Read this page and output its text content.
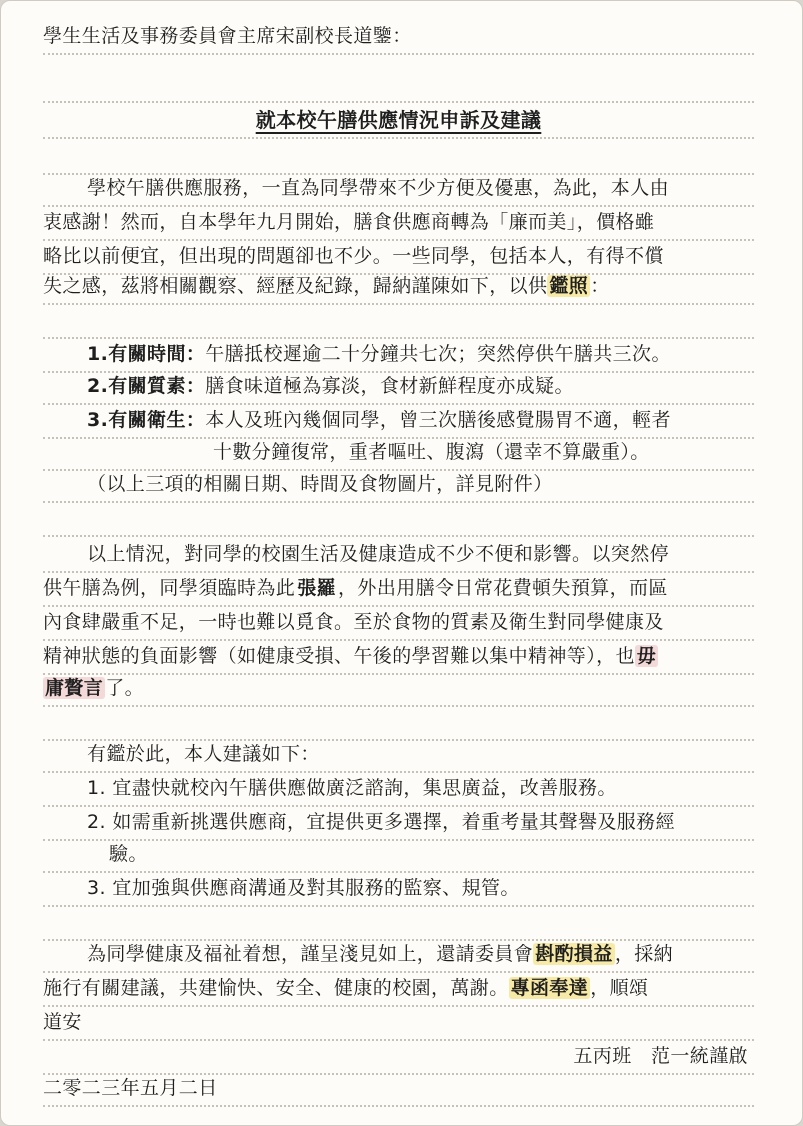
學生生活及事務委員會主席宋副校長道鑒：
就本校午膳供應情況申訴及建議
學校午膳供應服務，一直為同學帶來不少方便及優惠，為此，本人由
衷感謝！然而，自本學年九月開始，膳食供應商轉為「廉而美」，價格雖
略比以前便宜，但出現的問題卻也不少。一些同學，包括本人，有得不償
失之感，茲將相關觀察、經歷及紀錄，歸納謹陳如下，以供 鑑照 ：
1.有關時間：午膳抵校遲逾二十分鐘共七次；突然停供午膳共三次。
2.有關質素：膳食味道極為寡淡，食材新鮮程度亦成疑。
3.有關衛生：本人及班內幾個同學，曾三次膳後感覺腸胃不適，輕者
十數分鐘復常，重者嘔吐、腹瀉（還幸不算嚴重）。
（以上三項的相關日期、時間及食物圖片，詳見附件）
以上情況，對同學的校園生活及健康造成不少不便和影響。以突然停
供午膳為例，同學須臨時為此 張羅 ，外出用膳令日常花費頓失預算，而區
內食肆嚴重不足，一時也難以覓食。至於食物的質素及衛生對同學健康及
精神狀態的負面影響（如健康受損、午後的學習難以集中精神等），也 毋
庸贅言 了。
有鑑於此，本人建議如下：
1. 宜盡快就校內午膳供應做廣泛諮詢，集思廣益，改善服務。
2. 如需重新挑選供應商，宜提供更多選擇，着重考量其聲譽及服務經
驗。
3. 宜加強與供應商溝通及對其服務的監察、規管。
為同學健康及福祉着想，謹呈淺見如上，還請委員會 斟酌損益 ，採納
施行有關建議，共建愉快、安全、健康的校園，萬謝。 專函奉達 ，順頌
道安
五丙班　范一統謹啟
二零二三年五月二日
